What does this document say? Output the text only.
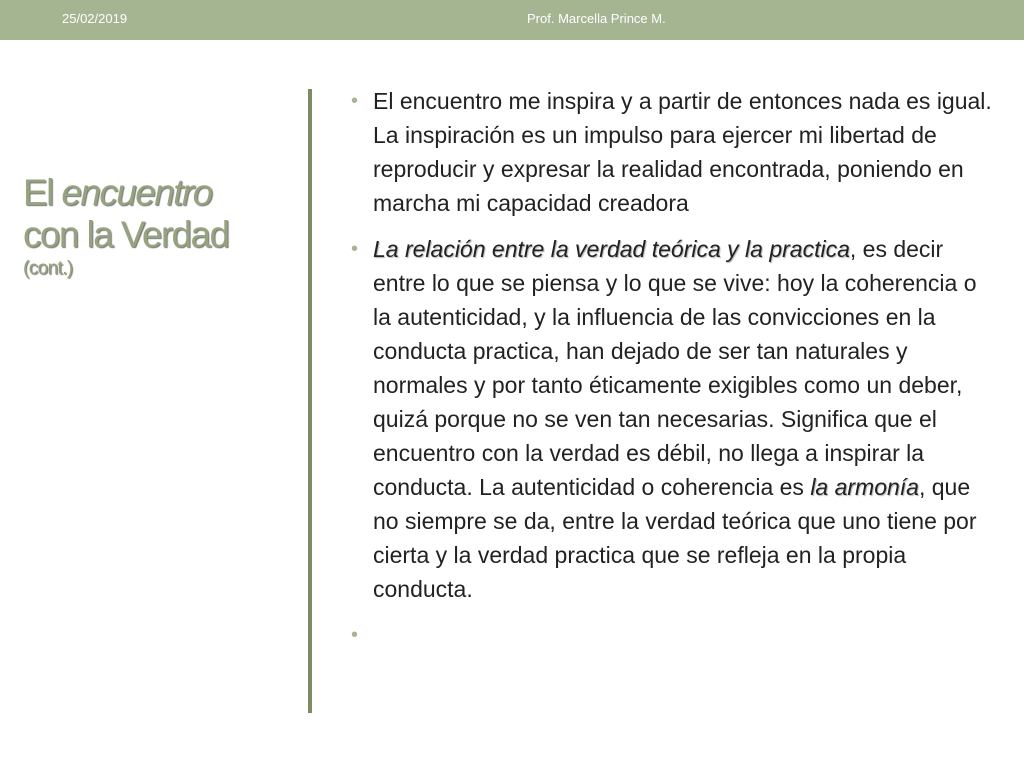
25/02/2019	Prof. Marcella Prince M.
El encuentro
con la Verdad
(cont.)
• El encuentro me inspira y a partir de entonces nada es igual. La inspiración es un impulso para ejercer mi libertad de reproducir y expresar la realidad encontrada, poniendo en marcha mi capacidad creadora
• La relación entre la verdad teórica y la practica, es decir entre lo que se piensa y lo que se vive: hoy la coherencia o la autenticidad, y la influencia de las convicciones en la conducta practica, han dejado de ser tan naturales y normales y por tanto éticamente exigibles como un deber, quizá porque no se ven tan necesarias. Significa que el encuentro con la verdad es débil, no llega a inspirar la conducta. La autenticidad o coherencia es la armonía, que no siempre se da, entre la verdad teórica que uno tiene por cierta y la verdad practica que se refleja en la propia conducta.
•
